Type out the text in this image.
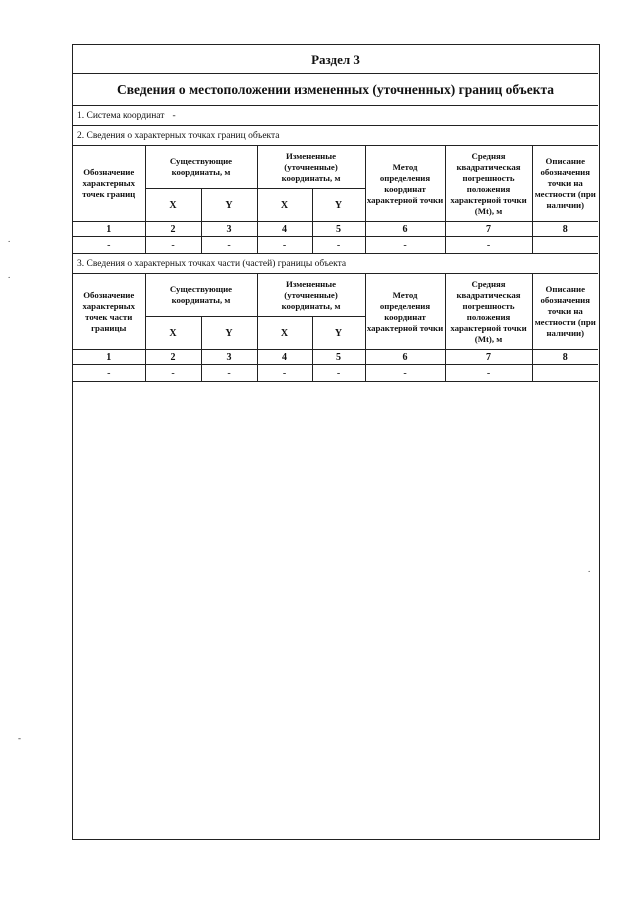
.
.
-
.
Раздел 3
Сведения о местоположении измененных (уточненных) границ объекта
1. Система координат -
2. Сведения о характерных точках границ объекта
Обозначение характерных точек границ	Существующие координаты, м		Измененные (уточненные) координаты, м		Метод определения координат характерной точки	Средняя квадратическая погрешность положения характерной точки (Mt), м	Описание обозначения точки на местности (при наличии)
	X	Y	X	Y			
1	2	3	4	5	6	7	8
-	-	-	-	-	-	-	
3. Сведения о характерных точках части (частей) границы объекта
Обозначение характерных точек части границы	Существующие координаты, м		Измененные (уточненные) координаты, м		Метод определения координат характерной точки	Средняя квадратическая погрешность положения характерной точки (Mt), м	Описание обозначения точки на местности (при наличии)
	X	Y	X	Y			
1	2	3	4	5	6	7	8
-	-	-	-	-	-	-	
